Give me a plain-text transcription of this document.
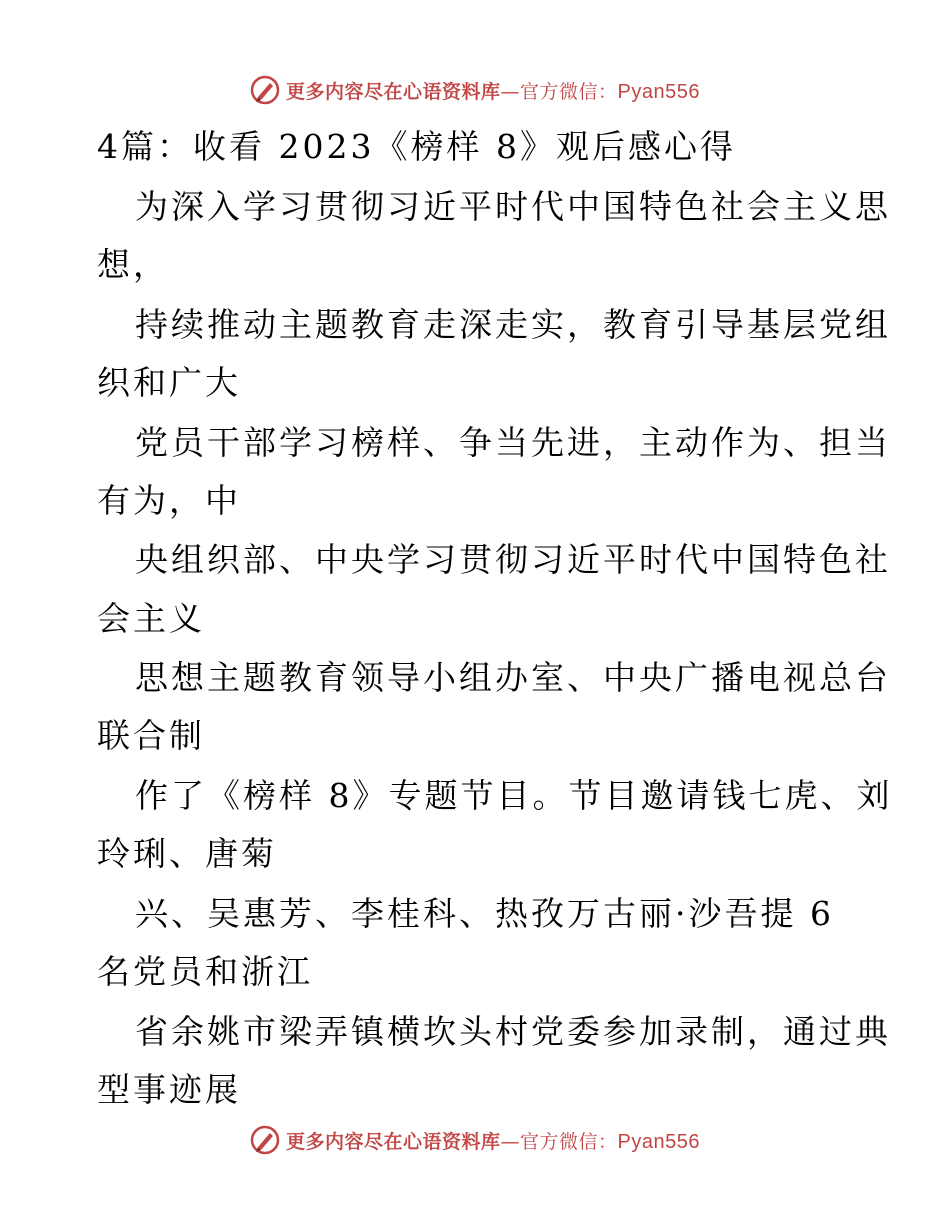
更多内容尽在心语资料库—官方微信：Pyan556
4篇：收看 2023《榜样 8》观后感心得
为深入学习贯彻习近平时代中国特色社会主义思
想，
持续推动主题教育走深走实，教育引导基层党组
织和广大
党员干部学习榜样、争当先进，主动作为、担当
有为，中
央组织部、中央学习贯彻习近平时代中国特色社
会主义
思想主题教育领导小组办室、中央广播电视总台
联合制
作了《榜样 8》专题节目。节目邀请钱七虎、刘
玲琍、唐菊
兴、吴惠芳、李桂科、热孜万古丽·沙吾提 6
名党员和浙江
省余姚市梁弄镇横坎头村党委参加录制，通过典
型事迹展
更多内容尽在心语资料库—官方微信：Pyan556
